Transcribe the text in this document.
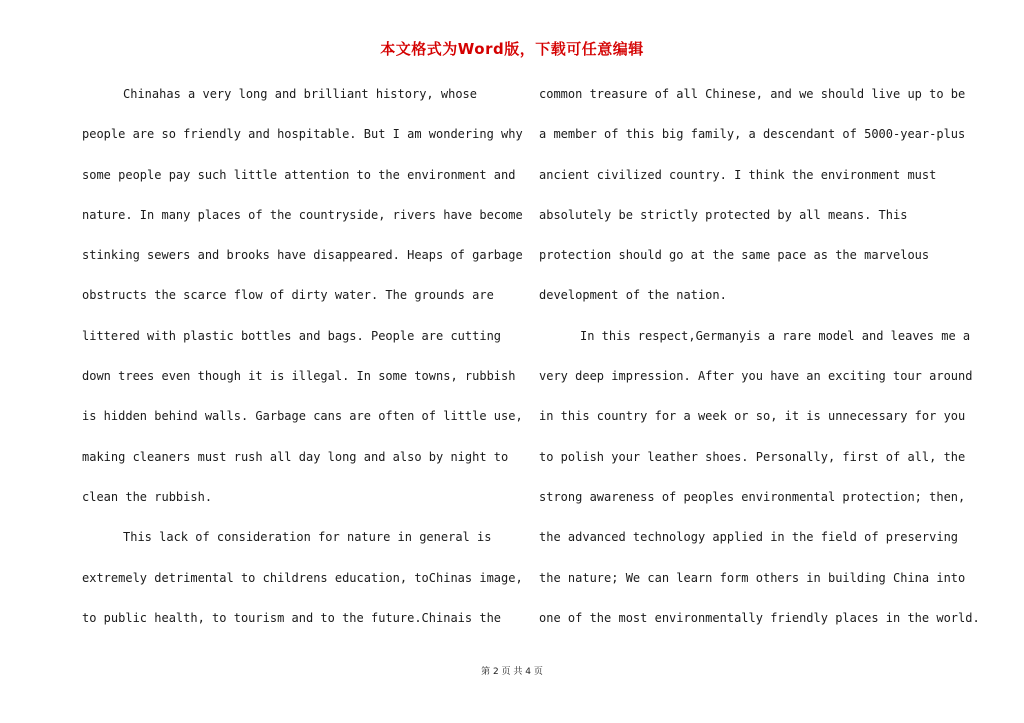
本文格式为Word版，下载可任意编辑
Chinahas a very long and brilliant history, whose
people are so friendly and hospitable. But I am wondering why
some people pay such little attention to the environment and
nature. In many places of the countryside, rivers have become
stinking sewers and brooks have disappeared. Heaps of garbage
obstructs the scarce flow of dirty water. The grounds are
littered with plastic bottles and bags. People are cutting
down trees even though it is illegal. In some towns, rubbish
is hidden behind walls. Garbage cans are often of little use,
making cleaners must rush all day long and also by night to
clean the rubbish.
This lack of consideration for nature in general is
extremely detrimental to childrens education, toChinas image,
to public health, to tourism and to the future.Chinais the
common treasure of all Chinese, and we should live up to be
a member of this big family, a descendant of 5000-year-plus
ancient civilized country. I think the environment must
absolutely be strictly protected by all means. This
protection should go at the same pace as the marvelous
development of the nation.
In this respect,Germanyis a rare model and leaves me a
very deep impression. After you have an exciting tour around
in this country for a week or so, it is unnecessary for you
to polish your leather shoes. Personally, first of all, the
strong awareness of peoples environmental protection; then,
the advanced technology applied in the field of preserving
the nature; We can learn form others in building China into
one of the most environmentally friendly places in the world.
第 2 页 共 4 页
